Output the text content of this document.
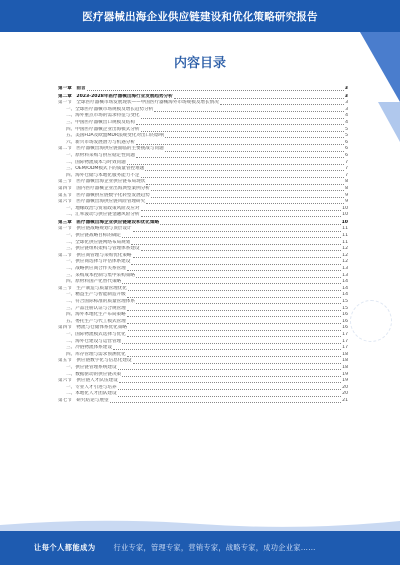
医疗器械出海企业供应链建设和优化策略研究报告
内容目录
第一章　前言	3
第二章　2023-2028年医疗器械出海行业发展趋势分析	3
第一节　全球医疗器械市场发展现状——中国医疗器械海外市场规模及增长情况	3
一、全球医疗器械市场规模及增长趋势分析	3
二、海外重点市场的需求特征与变化	4
三、中国医疗器械出口规模及结构	4
四、中国医疗器械企业出海模式分析	5
五、美国FDA及欧盟MDR法规变化对出口的影响	5
六、新兴市场发展潜力与机遇分析	6
第二节　医疗器械出海供应链面临的主要挑战与问题	6
一、原材料采购与供应稳定性问题	6
二、国际物流成本与时效问题	7
三、OEM/ODM模式下的质量管控难题	7
四、海外仓储与本地化服务能力不足	7
第三节　医疗器械出海企业供应链布局现状	8
第四节　国内医疗器械企业出海典型案例分析	8
第五节　医疗器械供应链数字化转型发展趋势	9
第六节　医疗器械出海供应链风险管理研究	9
一、地缘政治与贸易政策风险及应对	10
二、汇率波动与供应链金融风险分析	10
第三章　医疗器械出海企业供应链建设和优化策略	10
第一节　供应链战略规划与顶层设计	11
一、供应链战略目标的确定	11
二、全球化供应链网络布局规划	11
三、供应链组织架构与管理体系建设	12
第二节　供应商管理与采购优化策略	12
一、供应商选择与评估体系建设	12
二、战略供应商合作关系管理	13
三、采购成本控制与集中采购策略	13
四、原材料国产化替代策略	14
第三节　生产制造与质量管理优化	14
一、精益生产与智能制造升级	14
二、符合国际标准的质量管理体系	15
三、产品注册认证与合规管理	15
四、海外本地化生产布局策略	16
五、委托生产与代工模式管理	16
第四节　物流与仓储体系优化策略	16
一、国际物流模式选择与优化	17
二、海外仓建设与运营管理	17
三、冷链物流体系建设	17
四、库存管理与需求预测优化	18
第五节　供应链数字化与信息化建设	18
一、供应链管理系统建设	18
二、数据驱动的供应链决策	19
第六节　供应链人才队伍建设	19
一、专业人才引进与培养	20
二、本地化人才团队建设	20
第七节　研究结论与展望	21
让每个人都能成为	行业专家，管理专家，营销专家，战略专家，成功企业家……
